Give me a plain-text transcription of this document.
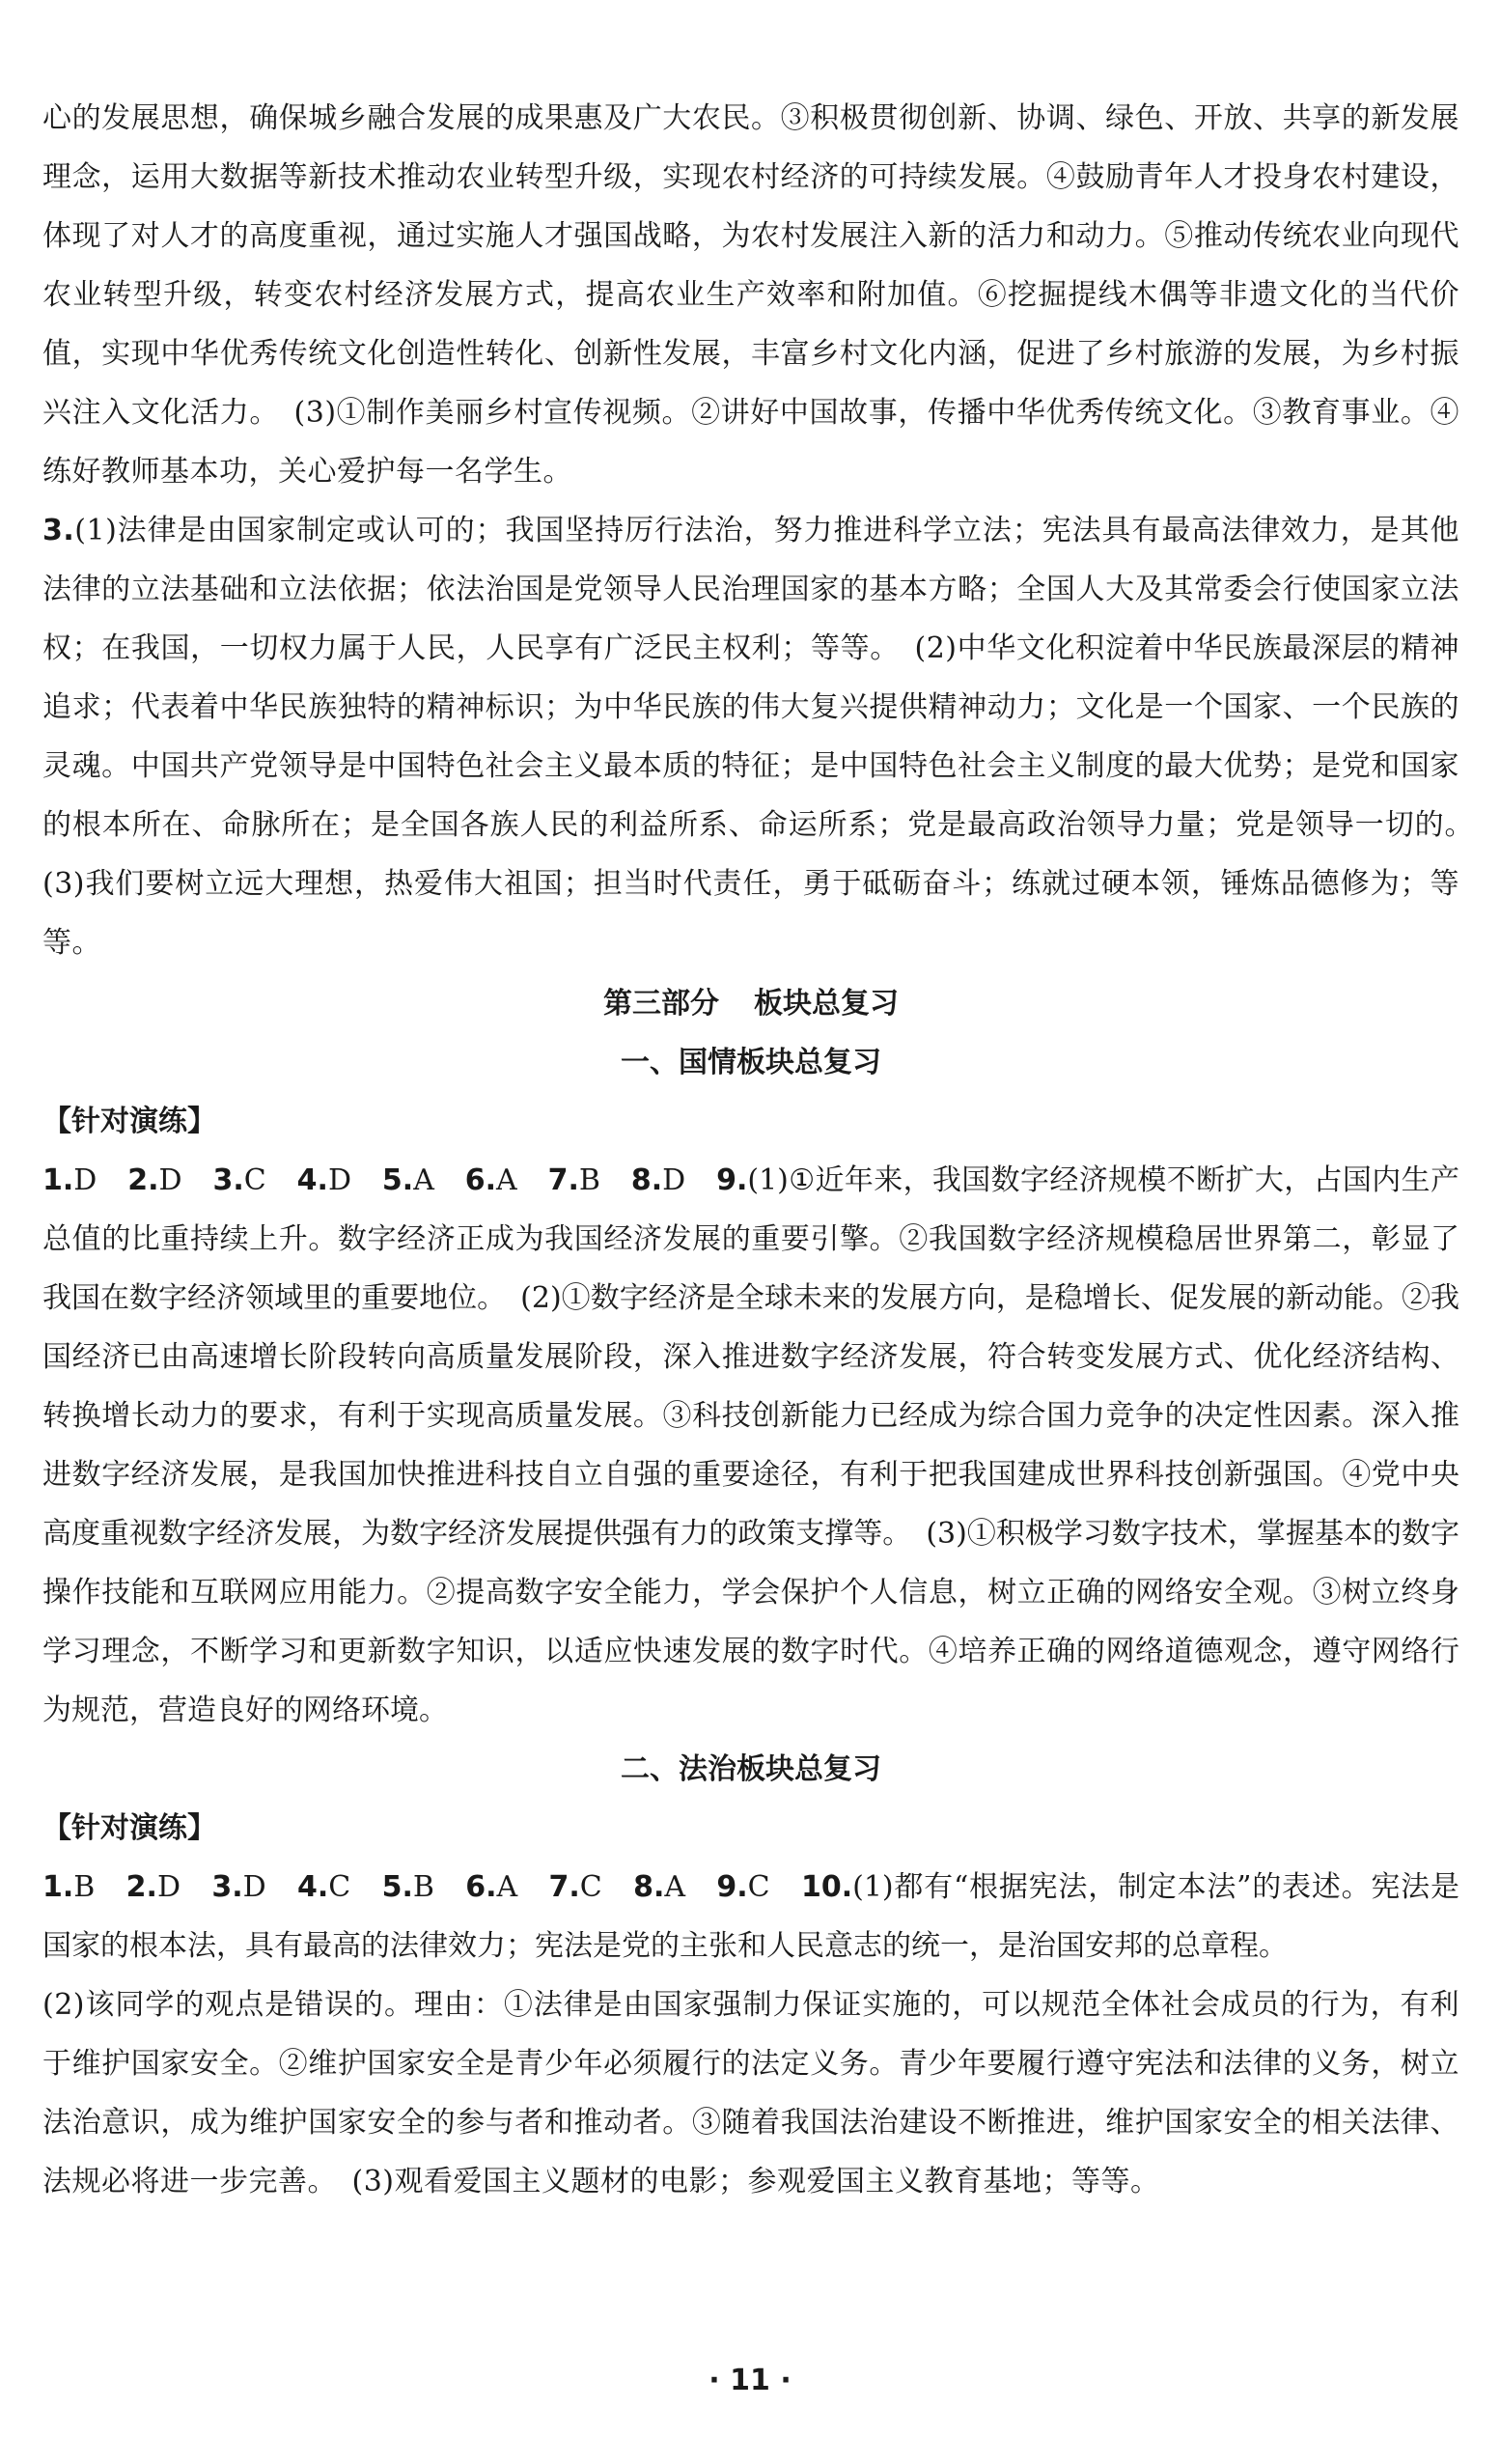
心的发展思想，确保城乡融合发展的成果惠及广大农民。③积极贯彻创新、协调、绿色、开放、共享的新发展理念，运用大数据等新技术推动农业转型升级，实现农村经济的可持续发展。④鼓励青年人才投身农村建设，体现了对人才的高度重视，通过实施人才强国战略，为农村发展注入新的活力和动力。⑤推动传统农业向现代农业转型升级，转变农村经济发展方式，提高农业生产效率和附加值。⑥挖掘提线木偶等非遗文化的当代价值，实现中华优秀传统文化创造性转化、创新性发展，丰富乡村文化内涵，促进了乡村旅游的发展，为乡村振兴注入文化活力。　(3)①制作美丽乡村宣传视频。②讲好中国故事，传播中华优秀传统文化。③教育事业。④练好教师基本功，关心爱护每一名学生。

3.(1)法律是由国家制定或认可的；我国坚持厉行法治，努力推进科学立法；宪法具有最高法律效力，是其他法律的立法基础和立法依据；依法治国是党领导人民治理国家的基本方略；全国人大及其常委会行使国家立法权；在我国，一切权力属于人民，人民享有广泛民主权利；等等。　(2)中华文化积淀着中华民族最深层的精神追求；代表着中华民族独特的精神标识；为中华民族的伟大复兴提供精神动力；文化是一个国家、一个民族的灵魂。中国共产党领导是中国特色社会主义最本质的特征；是中国特色社会主义制度的最大优势；是党和国家的根本所在、命脉所在；是全国各族人民的利益所系、命运所系；党是最高政治领导力量；党是领导一切的。　(3)我们要树立远大理想，热爱伟大祖国；担当时代责任，勇于砥砺奋斗；练就过硬本领，锤炼品德修为；等等。

第三部分 板块总复习

一、国情板块总复习

【针对演练】

1.D 2.D 3.C 4.D 5.A 6.A 7.B 8.D 9.(1)①近年来，我国数字经济规模不断扩大，占国内生产总值的比重持续上升。数字经济正成为我国经济发展的重要引擎。②我国数字经济规模稳居世界第二，彰显了我国在数字经济领域里的重要地位。　(2)①数字经济是全球未来的发展方向，是稳增长、促发展的新动能。②我国经济已由高速增长阶段转向高质量发展阶段，深入推进数字经济发展，符合转变发展方式、优化经济结构、转换增长动力的要求，有利于实现高质量发展。③科技创新能力已经成为综合国力竞争的决定性因素。深入推进数字经济发展，是我国加快推进科技自立自强的重要途径，有利于把我国建成世界科技创新强国。④党中央高度重视数字经济发展，为数字经济发展提供强有力的政策支撑等。　(3)①积极学习数字技术，掌握基本的数字操作技能和互联网应用能力。②提高数字安全能力，学会保护个人信息，树立正确的网络安全观。③树立终身学习理念，不断学习和更新数字知识，以适应快速发展的数字时代。④培养正确的网络道德观念，遵守网络行为规范，营造良好的网络环境。

二、法治板块总复习

【针对演练】

1.B 2.D 3.D 4.C 5.B 6.A 7.C 8.A 9.C 10.(1)都有“根据宪法，制定本法”的表述。宪法是国家的根本法，具有最高的法律效力；宪法是党的主张和人民意志的统一，是治国安邦的总章程。

(2)该同学的观点是错误的。理由：①法律是由国家强制力保证实施的，可以规范全体社会成员的行为，有利于维护国家安全。②维护国家安全是青少年必须履行的法定义务。青少年要履行遵守宪法和法律的义务，树立法治意识，成为维护国家安全的参与者和推动者。③随着我国法治建设不断推进，维护国家安全的相关法律、法规必将进一步完善。　(3)观看爱国主义题材的电影；参观爱国主义教育基地；等等。

· 11 ·
